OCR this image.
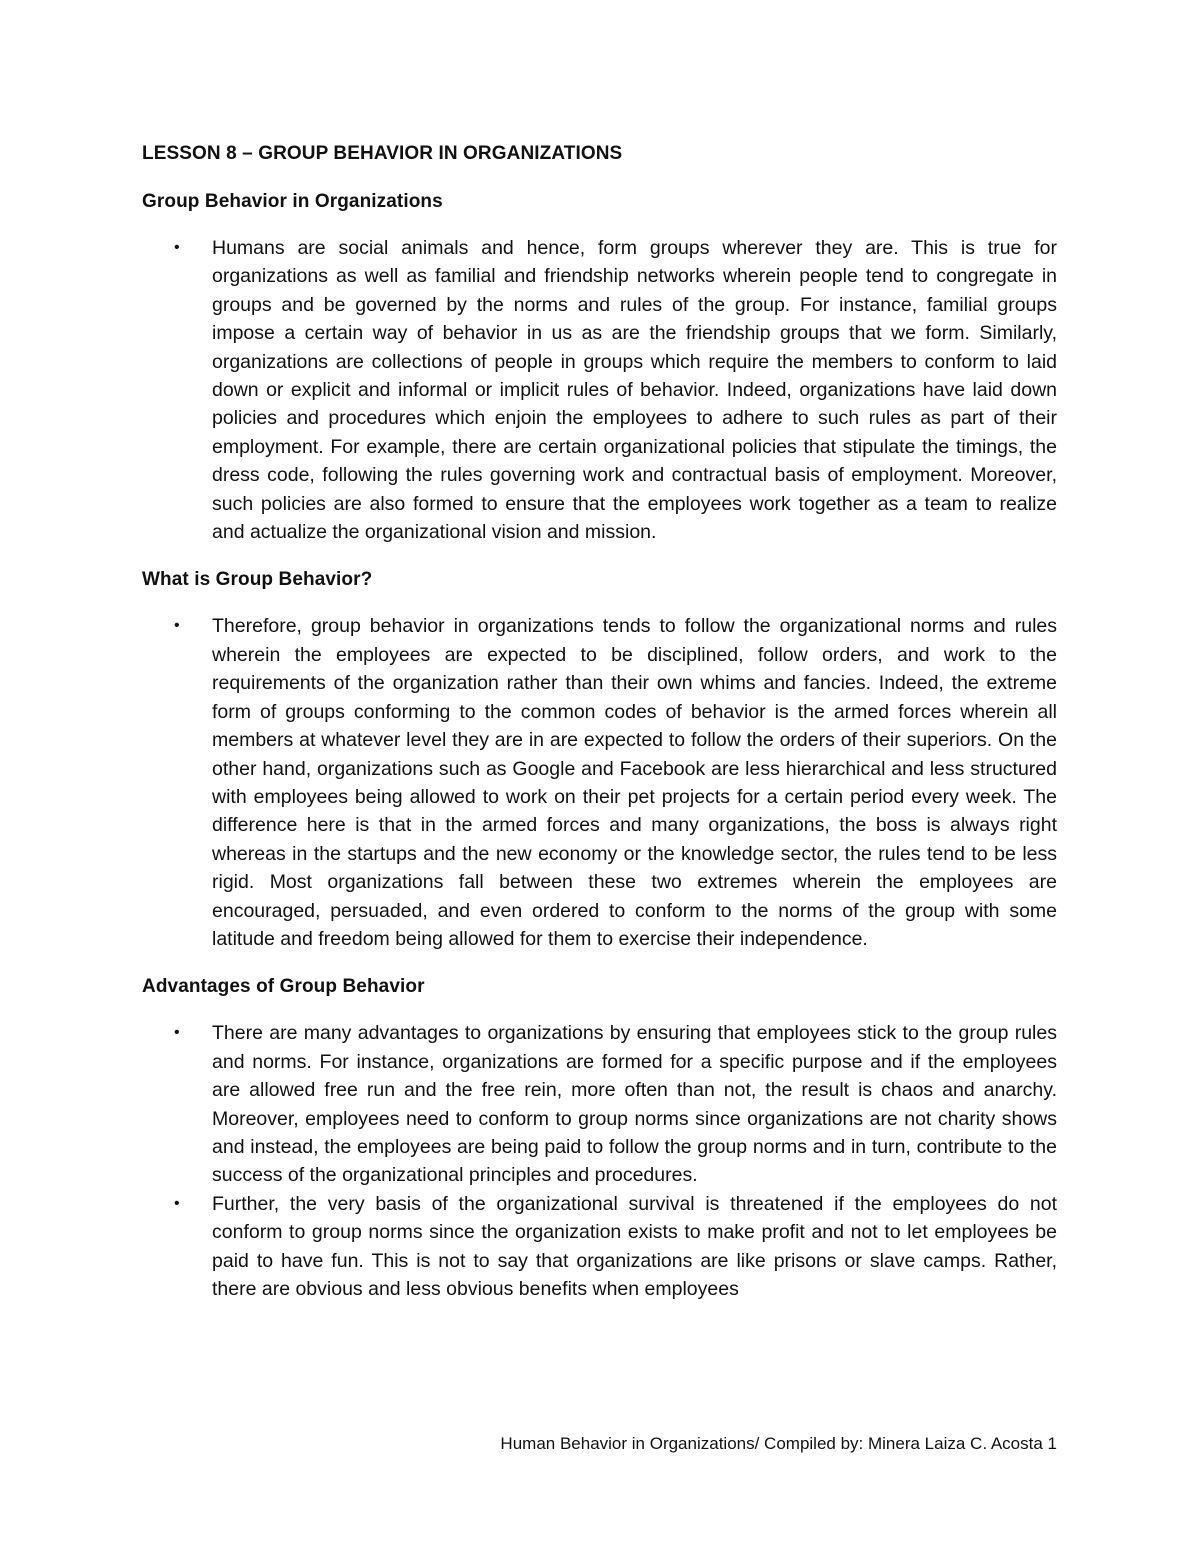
LESSON 8 – GROUP BEHAVIOR IN ORGANIZATIONS
Group Behavior in Organizations
• Humans are social animals and hence, form groups wherever they are. This is true for organizations as well as familial and friendship networks wherein people tend to congregate in groups and be governed by the norms and rules of the group. For instance, familial groups impose a certain way of behavior in us as are the friendship groups that we form. Similarly, organizations are collections of people in groups which require the members to conform to laid down or explicit and informal or implicit rules of behavior. Indeed, organizations have laid down policies and procedures which enjoin the employees to adhere to such rules as part of their employment. For example, there are certain organizational policies that stipulate the timings, the dress code, following the rules governing work and contractual basis of employment. Moreover, such policies are also formed to ensure that the employees work together as a team to realize and actualize the organizational vision and mission.
What is Group Behavior?
• Therefore, group behavior in organizations tends to follow the organizational norms and rules wherein the employees are expected to be disciplined, follow orders, and work to the requirements of the organization rather than their own whims and fancies. Indeed, the extreme form of groups conforming to the common codes of behavior is the armed forces wherein all members at whatever level they are in are expected to follow the orders of their superiors. On the other hand, organizations such as Google and Facebook are less hierarchical and less structured with employees being allowed to work on their pet projects for a certain period every week. The difference here is that in the armed forces and many organizations, the boss is always right whereas in the startups and the new economy or the knowledge sector, the rules tend to be less rigid. Most organizations fall between these two extremes wherein the employees are encouraged, persuaded, and even ordered to conform to the norms of the group with some latitude and freedom being allowed for them to exercise their independence.
Advantages of Group Behavior
• There are many advantages to organizations by ensuring that employees stick to the group rules and norms. For instance, organizations are formed for a specific purpose and if the employees are allowed free run and the free rein, more often than not, the result is chaos and anarchy. Moreover, employees need to conform to group norms since organizations are not charity shows and instead, the employees are being paid to follow the group norms and in turn, contribute to the success of the organizational principles and procedures.
• Further, the very basis of the organizational survival is threatened if the employees do not conform to group norms since the organization exists to make profit and not to let employees be paid to have fun. This is not to say that organizations are like prisons or slave camps. Rather, there are obvious and less obvious benefits when employees
Human Behavior in Organizations/ Compiled by: Minera Laiza C. Acosta 1
